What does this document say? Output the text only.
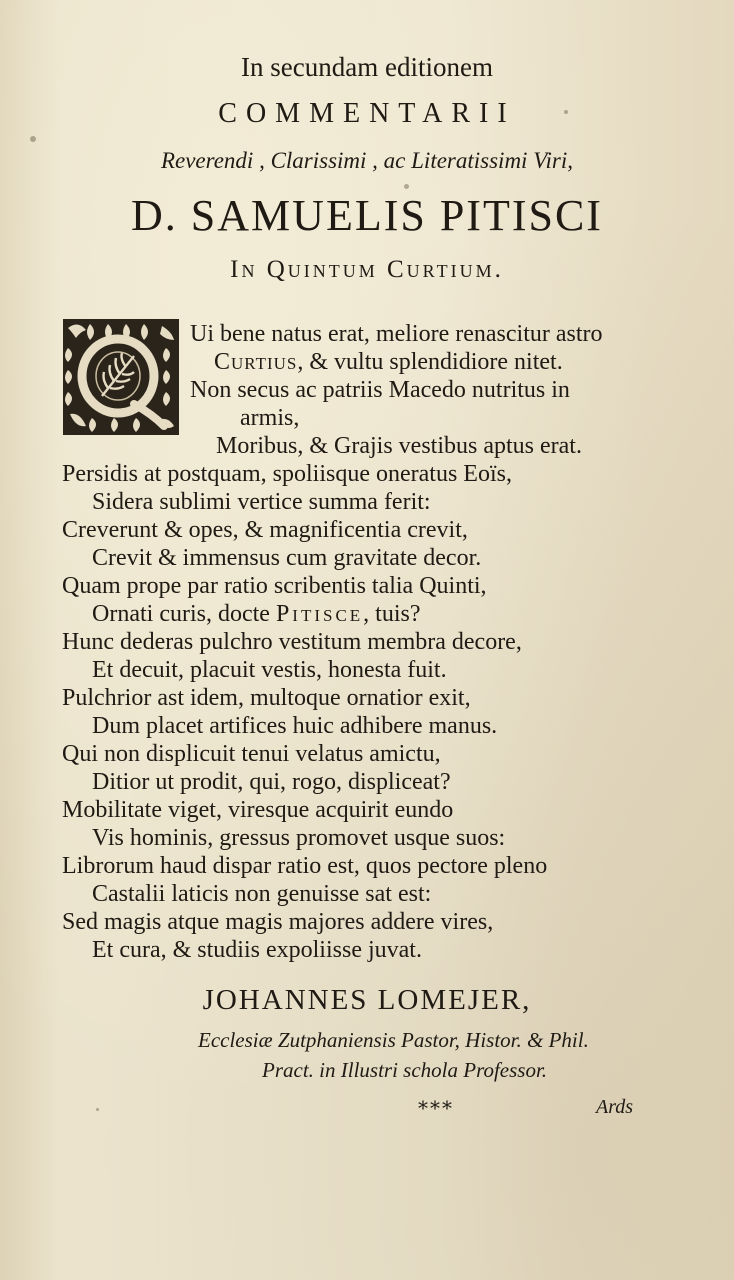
In secundam editionem
COMMENTARII
Reverendi , Clarissimi , ac Literatissimi Viri,
D. SAMUELIS PITISCI
In Quintum Curtium.
Ui bene natus erat, meliore renascitur astro
Curtius, & vultu splendidiore nitet.
Non secus ac patriis Macedo nutritus in
armis,
Moribus, & Grajis vestibus aptus erat.
Persidis at postquam, spoliisque oneratus Eoïs,
Sidera sublimi vertice summa ferit:
Creverunt & opes, & magnificentia crevit,
Crevit & immensus cum gravitate decor.
Quam prope par ratio scribentis talia Quinti,
Ornati curis, docte Pitisce, tuis?
Hunc dederas pulchro vestitum membra decore,
Et decuit, placuit vestis, honesta fuit.
Pulchrior ast idem, multoque ornatior exit,
Dum placet artifices huic adhibere manus.
Qui non displicuit tenui velatus amictu,
Ditior ut prodit, qui, rogo, displiceat?
Mobilitate viget, viresque acquirit eundo
Vis hominis, gressus promovet usque suos:
Librorum haud dispar ratio est, quos pectore pleno
Castalii laticis non genuisse sat est:
Sed magis atque magis majores addere vires,
Et cura, & studiis expoliisse juvat.
JOHANNES LOMEJER,
Ecclesiæ Zutphaniensis Pastor, Histor. & Phil.
Pract. in Illustri schola Professor.
***	Ards
